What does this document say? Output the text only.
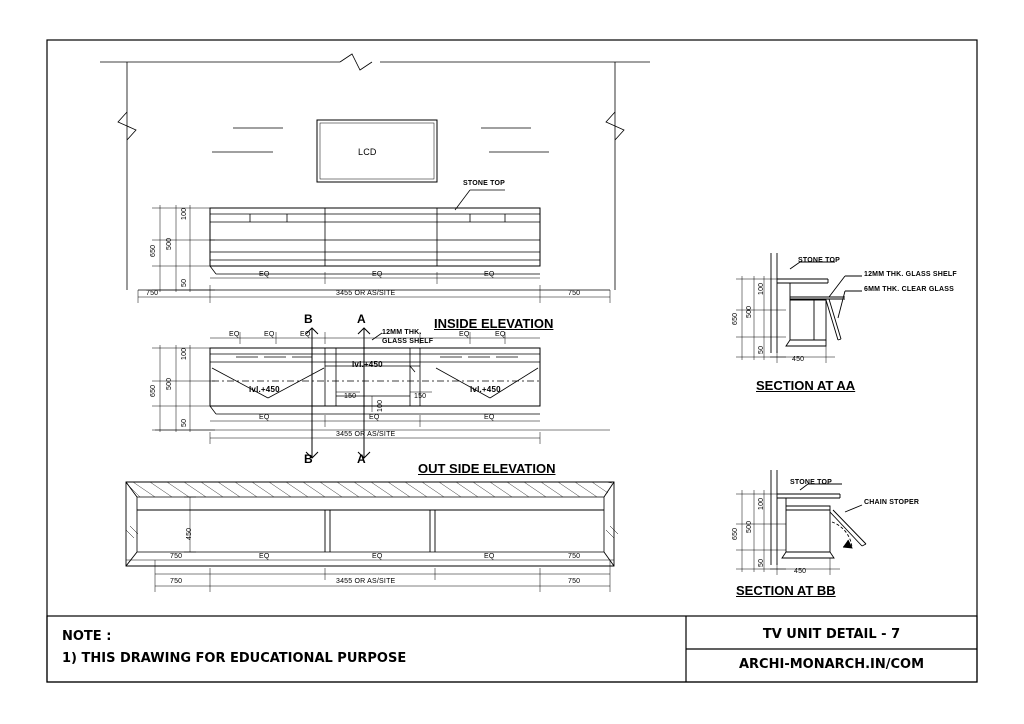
LCD
STONE TOP
INSIDE ELEVATION
650
500
100
50
750	3455 OR AS/SITE	750
EQ	EQ	EQ
B	A
B	A
12MM THK.
GLASS SHELF
lvl.+450
lvl.+450
lvl.+450
650
500
100
50
150	150
100
EQ	EQ	EQ	EQ	EQ
EQ	EQ	EQ
3455 OR AS/SITE
OUT SIDE ELEVATION
450
750	EQ	EQ	EQ	750
750	3455 OR AS/SITE	750
STONE TOP
12MM THK. GLASS SHELF
6MM THK. CLEAR GLASS
650
500
100
50
450
SECTION AT AA
STONE TOP
CHAIN STOPER
650
500
100
50
450
SECTION AT BB
NOTE :
1) THIS DRAWING FOR EDUCATIONAL PURPOSE
TV UNIT DETAIL - 7
ARCHI-MONARCH.IN/COM
